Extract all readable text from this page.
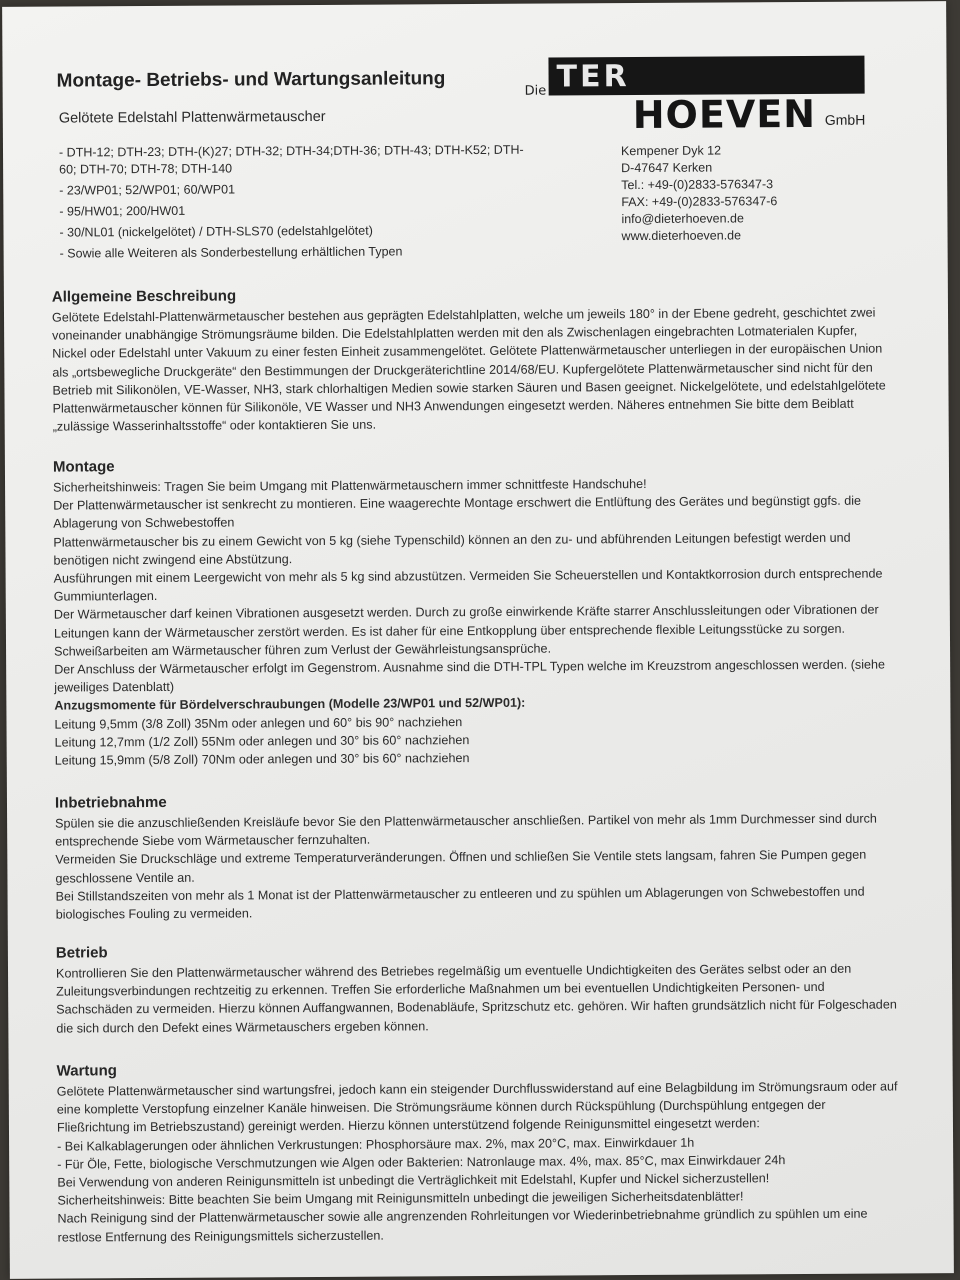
Montage- Betriebs- und Wartungsanleitung
Gelötete Edelstahl Plattenwärmetauscher
- DTH-12; DTH-23; DTH-(K)27; DTH-32; DTH-34;DTH-36; DTH-43; DTH-K52; DTH-60; DTH-70; DTH-78; DTH-140
- 23/WP01; 52/WP01; 60/WP01
- 95/HW01; 200/HW01
- 30/NL01 (nickelgelötet) / DTH-SLS70 (edelstahlgelötet)
- Sowie alle Weiteren als Sonderbestellung erhältlichen Typen
Die TER
HOEVEN GmbH
Kempener Dyk 12
D-47647 Kerken
Tel.: +49-(0)2833-576347-3
FAX: +49-(0)2833-576347-6
info@dieterhoeven.de
www.dieterhoeven.de
Allgemeine Beschreibung

Gelötete Edelstahl-Plattenwärmetauscher bestehen aus geprägten Edelstahlplatten, welche um jeweils 180° in der Ebene gedreht, geschichtet zwei voneinander unabhängige Strömungsräume bilden. Die Edelstahlplatten werden mit den als Zwischenlagen eingebrachten Lotmaterialen Kupfer, Nickel oder Edelstahl unter Vakuum zu einer festen Einheit zusammengelötet. Gelötete Plattenwärmetauscher unterliegen in der europäischen Union als „ortsbewegliche Druckgeräte“ den Bestimmungen der Druckgeräterichtline 2014/68/EU. Kupfergelötete Plattenwärmetauscher sind nicht für den Betrieb mit Silikonölen, VE-Wasser, NH3, stark chlorhaltigen Medien sowie starken Säuren und Basen geeignet. Nickelgelötete, und edelstahlgelötete Plattenwärmetauscher können für Silikonöle, VE Wasser und NH3 Anwendungen eingesetzt werden. Näheres entnehmen Sie bitte dem Beiblatt „zulässige Wasserinhaltsstoffe“ oder kontaktieren Sie uns.

Montage

Sicherheitshinweis: Tragen Sie beim Umgang mit Plattenwärmetauschern immer schnittfeste Handschuhe!

Der Plattenwärmetauscher ist senkrecht zu montieren. Eine waagerechte Montage erschwert die Entlüftung des Gerätes und begünstigt ggfs. die Ablagerung von Schwebestoffen

Plattenwärmetauscher bis zu einem Gewicht von 5 kg (siehe Typenschild) können an den zu- und abführenden Leitungen befestigt werden und benötigen nicht zwingend eine Abstützung.

Ausführungen mit einem Leergewicht von mehr als 5 kg sind abzustützen. Vermeiden Sie Scheuerstellen und Kontaktkorrosion durch entsprechende Gummiunterlagen.

Der Wärmetauscher darf keinen Vibrationen ausgesetzt werden. Durch zu große einwirkende Kräfte starrer Anschlussleitungen oder Vibrationen der Leitungen kann der Wärmetauscher zerstört werden. Es ist daher für eine Entkopplung über entsprechende flexible Leitungsstücke zu sorgen.

Schweißarbeiten am Wärmetauscher führen zum Verlust der Gewährleistungsansprüche.

Der Anschluss der Wärmetauscher erfolgt im Gegenstrom. Ausnahme sind die DTH-TPL Typen welche im Kreuzstrom angeschlossen werden. (siehe jeweiliges Datenblatt)

Anzugsmomente für Bördelverschraubungen (Modelle 23/WP01 und 52/WP01):

Leitung 9,5mm (3/8 Zoll) 35Nm oder anlegen und 60° bis 90° nachziehen

Leitung 12,7mm (1/2 Zoll) 55Nm oder anlegen und 30° bis 60° nachziehen

Leitung 15,9mm (5/8 Zoll) 70Nm oder anlegen und 30° bis 60° nachziehen

Inbetriebnahme

Spülen sie die anzuschließenden Kreisläufe bevor Sie den Plattenwärmetauscher anschließen. Partikel von mehr als 1mm Durchmesser sind durch entsprechende Siebe vom Wärmetauscher fernzuhalten.

Vermeiden Sie Druckschläge und extreme Temperaturveränderungen. Öffnen und schließen Sie Ventile stets langsam, fahren Sie Pumpen gegen geschlossene Ventile an.

Bei Stillstandszeiten von mehr als 1 Monat ist der Plattenwärmetauscher zu entleeren und zu spühlen um Ablagerungen von Schwebestoffen und biologisches Fouling zu vermeiden.

Betrieb

Kontrollieren Sie den Plattenwärmetauscher während des Betriebes regelmäßig um eventuelle Undichtigkeiten des Gerätes selbst oder an den Zuleitungsverbindungen rechtzeitig zu erkennen. Treffen Sie erforderliche Maßnahmen um bei eventuellen Undichtigkeiten Personen- und Sachschäden zu vermeiden. Hierzu können Auffangwannen, Bodenabläufe, Spritzschutz etc. gehören. Wir haften grundsätzlich nicht für Folgeschaden die sich durch den Defekt eines Wärmetauschers ergeben können.

Wartung

Gelötete Plattenwärmetauscher sind wartungsfrei, jedoch kann ein steigender Durchflusswiderstand auf eine Belagbildung im Strömungsraum oder auf eine komplette Verstopfung einzelner Kanäle hinweisen. Die Strömungsräume können durch Rückspühlung (Durchspühlung entgegen der Fließrichtung im Betriebszustand) gereinigt werden. Hierzu können unterstützend folgende Reinigunsmittel eingesetzt werden:

- Bei Kalkablagerungen oder ähnlichen Verkrustungen: Phosphorsäure max. 2%, max 20°C, max. Einwirkdauer 1h

- Für Öle, Fette, biologische Verschmutzungen wie Algen oder Bakterien: Natronlauge max. 4%, max. 85°C, max Einwirkdauer 24h

Bei Verwendung von anderen Reinigunsmitteln ist unbedingt die Verträglichkeit mit Edelstahl, Kupfer und Nickel sicherzustellen!

Sicherheitshinweis: Bitte beachten Sie beim Umgang mit Reinigunsmitteln unbedingt die jeweiligen Sicherheitsdatenblätter!

Nach Reinigung sind der Plattenwärmetauscher sowie alle angrenzenden Rohrleitungen vor Wiederinbetriebnahme gründlich zu spühlen um eine restlose Entfernung des Reinigungsmittels sicherzustellen.
